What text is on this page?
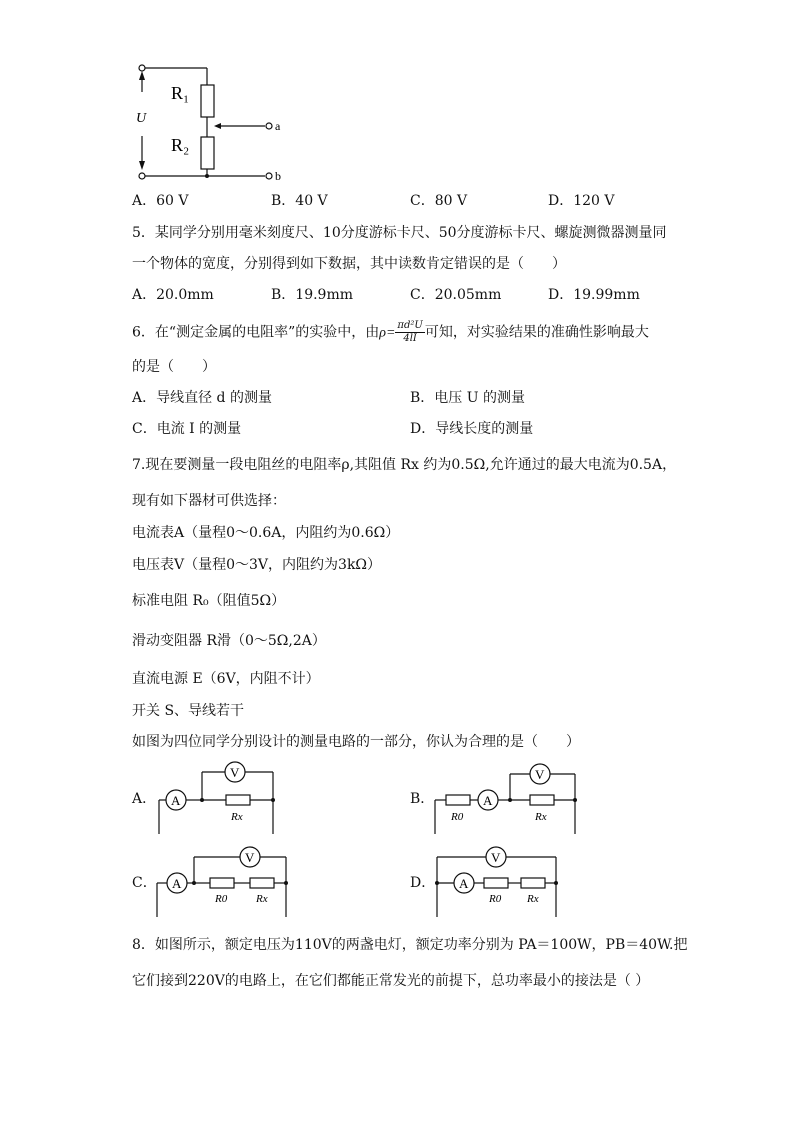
R₁
R₂
U	a
b
A．60 V	B．40 V	C．80 V	D．120 V
5．某同学分别用毫米刻度尺、10分度游标卡尺、50分度游标卡尺、螺旋测微器测量同
一个物体的宽度，分别得到如下数据，其中读数肯定错误的是（　　）
A．20.0mm	B．19.9mm	C．20.05mm	D．19.99mm
6．在“测定金属的电阻率”的实验中，由$\rho= \frac{\text{πd²U}}{4lI}$ 可知，对实验结果的准确性影响最大
的是（　　）
A．导线直径 d 的测量	B．电压 U 的测量
C．电流 I 的测量	D．导线长度的测量
7.现在要测量一段电阻丝的电阻率ρ,其阻值 Rx 约为0.5Ω,允许通过的最大电流为0.5A，
现有如下器材可供选择：
电流表A（量程0～0.6A，内阻约为0.6Ω）
电压表V（量程0～3V，内阻约为3kΩ）
标准电阻 R₀（阻值5Ω）
滑动变阻器 R滑（0～5Ω,2A）
直流电源 E（6V，内阻不计）
开关 S、导线若干
如图为四位同学分别设计的测量电路的一部分，你认为合理的是（　　）
A． A
V
Rx
B．	A
V
R0	Rx
C． A
V
R0	Rx
D． A
V
R0 Rx
8．如图所示，额定电压为110V的两盏电灯，额定功率分别为 PA＝100W，PB＝40W.把
它们接到220V的电路上，在它们都能正常发光的前提下，总功率最小的接法是（ ）
